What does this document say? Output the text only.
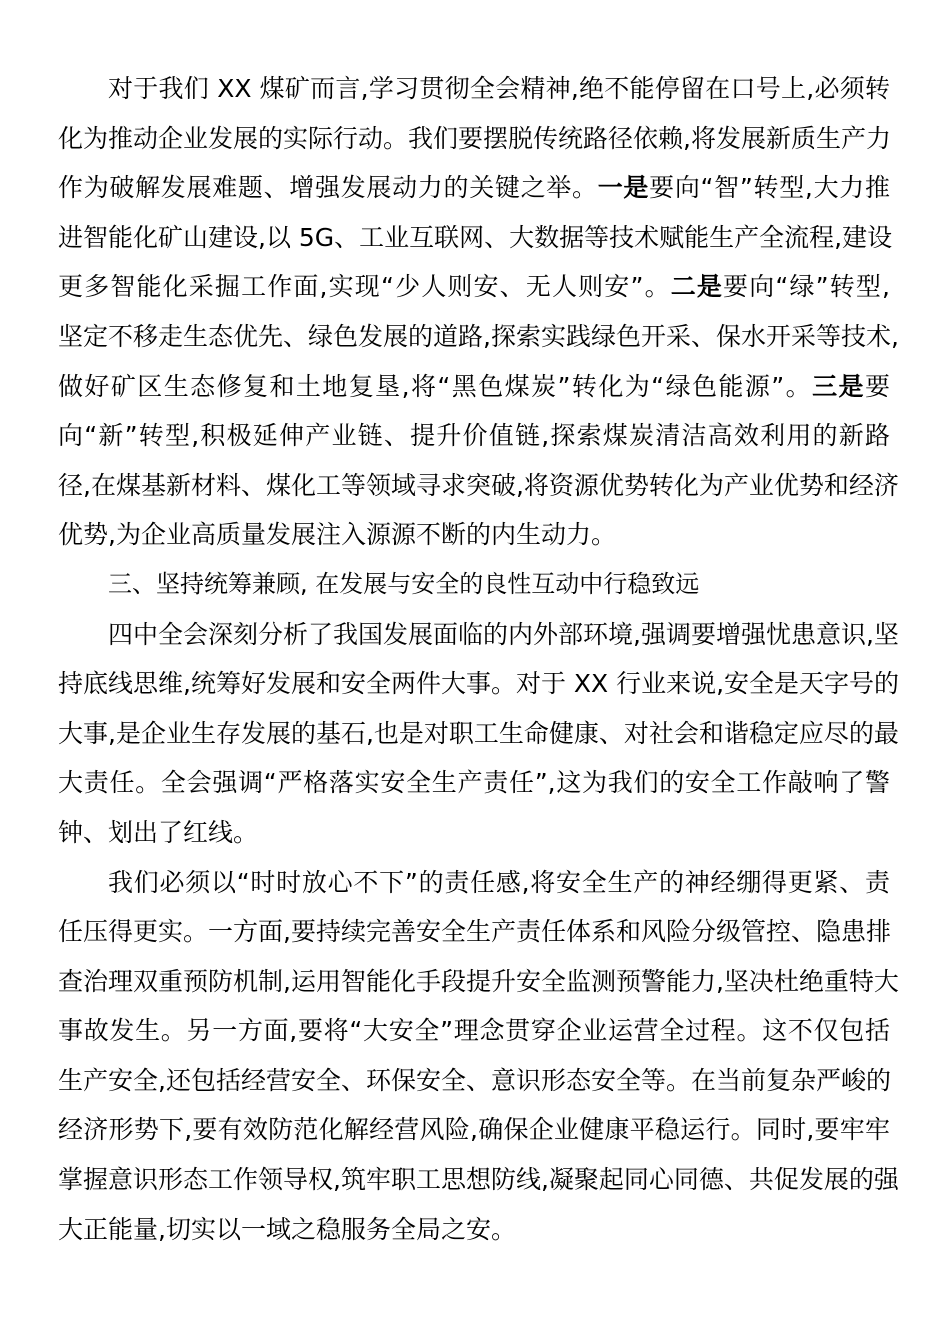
对于我们 XX 煤矿而言,学习贯彻全会精神,绝不能停留在口号上,必须转
化为推动企业发展的实际行动。我们要摆脱传统路径依赖,将发展新质生产力
作为破解发展难题、增强发展动力的关键之举。一是要向“智”转型,大力推
进智能化矿山建设,以 5G、工业互联网、大数据等技术赋能生产全流程,建设
更多智能化采掘工作面,实现“少人则安、无人则安”。二是要向“绿”转型,
坚定不移走生态优先、绿色发展的道路,探索实践绿色开采、保水开采等技术,
做好矿区生态修复和土地复垦,将“黑色煤炭”转化为“绿色能源”。三是要
向“新”转型,积极延伸产业链、提升价值链,探索煤炭清洁高效利用的新路
径,在煤基新材料、煤化工等领域寻求突破,将资源优势转化为产业优势和经济
优势,为企业高质量发展注入源源不断的内生动力。
三、坚持统筹兼顾, 在发展与安全的良性互动中行稳致远
四中全会深刻分析了我国发展面临的内外部环境,强调要增强忧患意识,坚
持底线思维,统筹好发展和安全两件大事。对于 XX 行业来说,安全是天字号的
大事,是企业生存发展的基石,也是对职工生命健康、对社会和谐稳定应尽的最
大责任。全会强调“严格落实安全生产责任”,这为我们的安全工作敲响了警
钟、划出了红线。
我们必须以“时时放心不下”的责任感,将安全生产的神经绷得更紧、责
任压得更实。一方面,要持续完善安全生产责任体系和风险分级管控、隐患排
查治理双重预防机制,运用智能化手段提升安全监测预警能力,坚决杜绝重特大
事故发生。另一方面,要将“大安全”理念贯穿企业运营全过程。这不仅包括
生产安全,还包括经营安全、环保安全、意识形态安全等。在当前复杂严峻的
经济形势下,要有效防范化解经营风险,确保企业健康平稳运行。同时,要牢牢
掌握意识形态工作领导权,筑牢职工思想防线,凝聚起同心同德、共促发展的强
大正能量,切实以一域之稳服务全局之安。
